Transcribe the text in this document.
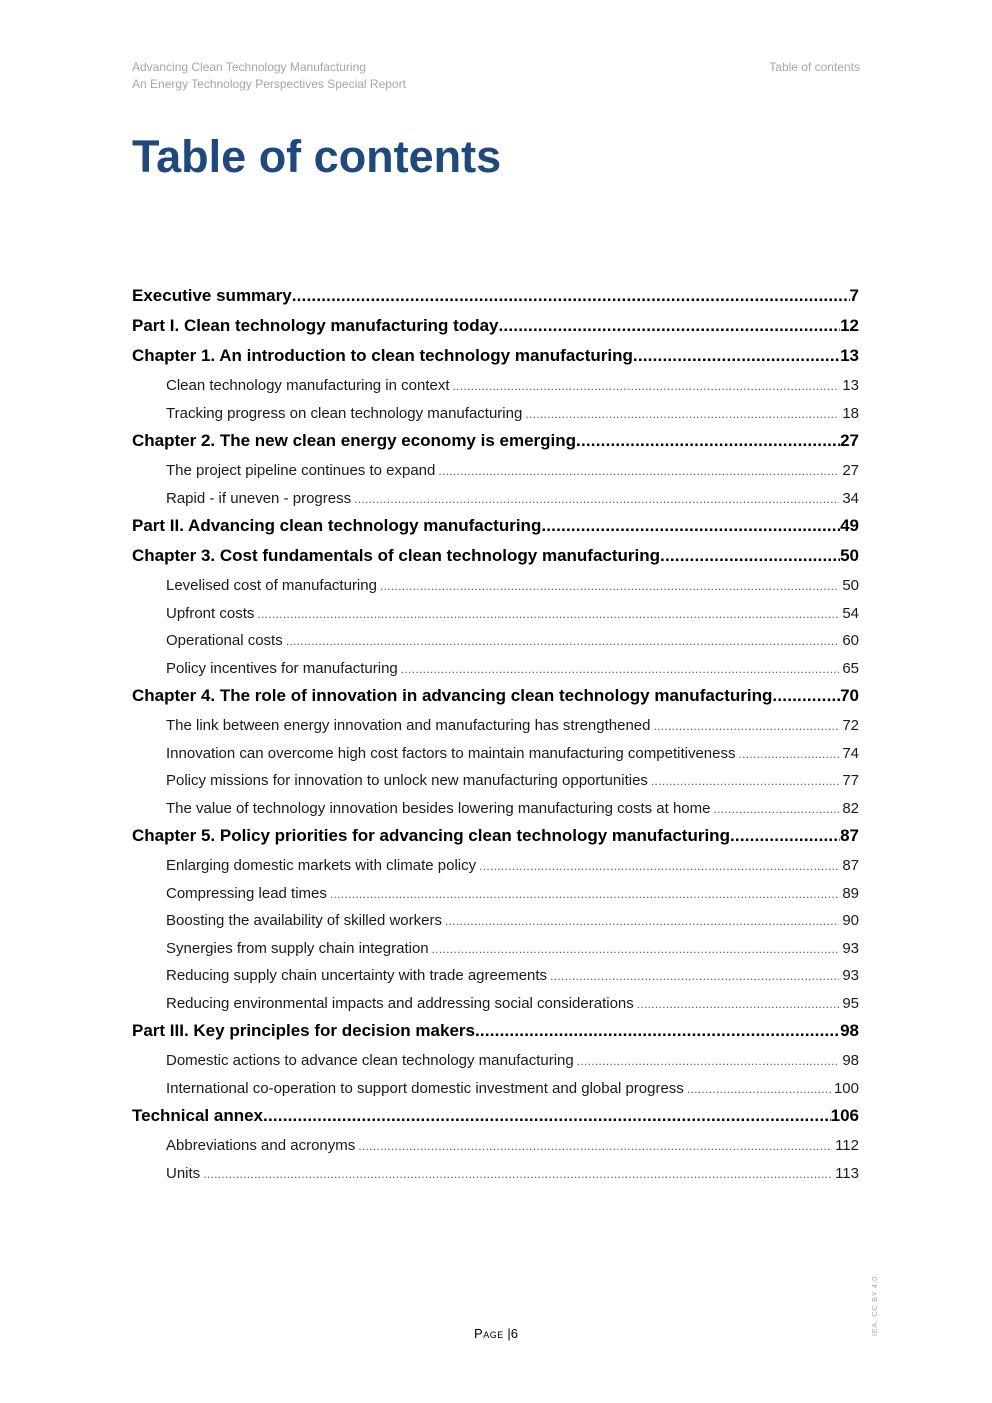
Advancing Clean Technology Manufacturing
An Energy Technology Perspectives Special Report
Table of contents
Table of contents
Executive summary .....	7
Part I. Clean technology manufacturing today .....	12
Chapter 1. An introduction to clean technology manufacturing .....	13
Clean technology manufacturing in context .....	13
Tracking progress on clean technology manufacturing .....	18
Chapter 2. The new clean energy economy is emerging .....	27
The project pipeline continues to expand .....	27
Rapid - if uneven - progress .....	34
Part II. Advancing clean technology manufacturing .....	49
Chapter 3. Cost fundamentals of clean technology manufacturing .....	50
Levelised cost of manufacturing .....	50
Upfront costs .....	54
Operational costs .....	60
Policy incentives for manufacturing .....	65
Chapter 4. The role of innovation in advancing clean technology manufacturing .....	70
The link between energy innovation and manufacturing has strengthened .....	72
Innovation can overcome high cost factors to maintain manufacturing competitiveness .....	74
Policy missions for innovation to unlock new manufacturing opportunities .....	77
The value of technology innovation besides lowering manufacturing costs at home .....	82
Chapter 5. Policy priorities for advancing clean technology manufacturing .....	87
Enlarging domestic markets with climate policy .....	87
Compressing lead times .....	89
Boosting the availability of skilled workers .....	90
Synergies from supply chain integration .....	93
Reducing supply chain uncertainty with trade agreements .....	93
Reducing environmental impacts and addressing social considerations .....	95
Part III. Key principles for decision makers .....	98
Domestic actions to advance clean technology manufacturing .....	98
International co-operation to support domestic investment and global progress .....	100
Technical annex .....	106
Abbreviations and acronyms .....	112
Units .....	113
Page |6	IEA. CC BY 4.0.
